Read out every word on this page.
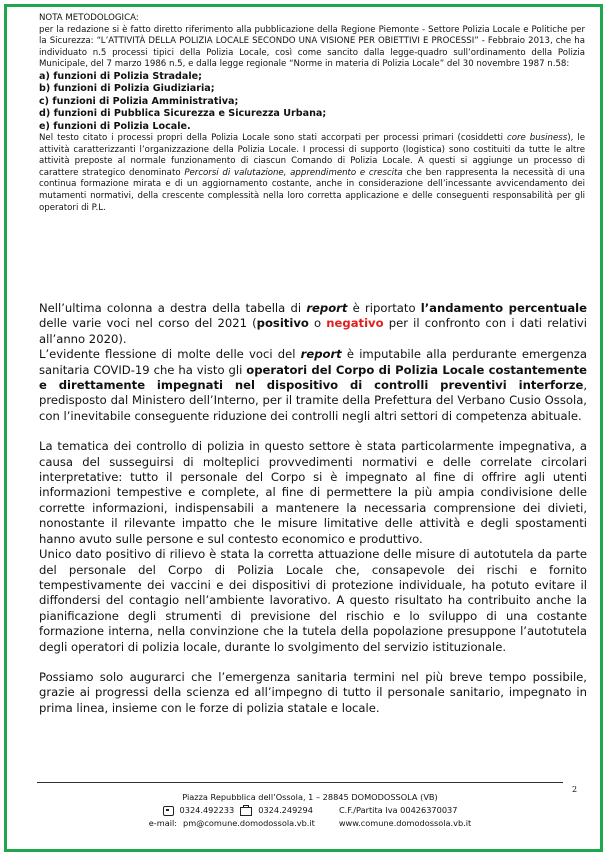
NOTA METODOLOGICA:

per la redazione si è fatto diretto riferimento alla pubblicazione della Regione Piemonte - Settore Polizia Locale e Politiche per la Sicurezza: “L’ATTIVITÀ DELLA POLIZIA LOCALE SECONDO UNA VISIONE PER OBIETTIVI E PROCESSI” - Febbraio 2013, che ha individuato n.5 processi tipici della Polizia Locale, così come sancito dalla legge-quadro sull’ordinamento della Polizia Municipale, del 7 marzo 1986 n.5, e dalla legge regionale “Norme in materia di Polizia Locale” del 30 novembre 1987 n.58:

a) funzioni di Polizia Stradale;

b) funzioni di Polizia Giudiziaria;

c) funzioni di Polizia Amministrativa;

d) funzioni di Pubblica Sicurezza e Sicurezza Urbana;

e) funzioni di Polizia Locale.

Nel testo citato i processi propri della Polizia Locale sono stati accorpati per processi primari (cosiddetti core business), le attività caratterizzanti l’organizzazione della Polizia Locale. I processi di supporto (logistica) sono costituiti da tutte le altre attività preposte al normale funzionamento di ciascun Comando di Polizia Locale. A questi si aggiunge un processo di carattere strategico denominato Percorsi di valutazione, apprendimento e crescita che ben rappresenta la necessità di una continua formazione mirata e di un aggiornamento costante, anche in considerazione dell’incessante avvicendamento dei mutamenti normativi, della crescente complessità nella loro corretta applicazione e delle conseguenti responsabilità per gli operatori di P.L.

Nell’ultima colonna a destra della tabella di report è riportato l’andamento percentuale delle varie voci nel corso del 2021 (positivo o negativo per il confronto con i dati relativi all’anno 2020).

L’evidente flessione di molte delle voci del report è imputabile alla perdurante emergenza sanitaria COVID-19 che ha visto gli operatori del Corpo di Polizia Locale costantemente e direttamente impegnati nel dispositivo di controlli preventivi interforze, predisposto dal Ministero dell’Interno, per il tramite della Prefettura del Verbano Cusio Ossola, con l’inevitabile conseguente riduzione dei controlli negli altri settori di competenza abituale.

La tematica dei controllo di polizia in questo settore è stata particolarmente impegnativa, a causa del susseguirsi di molteplici provvedimenti normativi e delle correlate circolari interpretative: tutto il personale del Corpo si è impegnato al fine di offrire agli utenti informazioni tempestive e complete, al fine di permettere la più ampia condivisione delle corrette informazioni, indispensabili a mantenere la necessaria comprensione dei divieti, nonostante il rilevante impatto che le misure limitative delle attività e degli spostamenti hanno avuto sulle persone e sul contesto economico e produttivo.

Unico dato positivo di rilievo è stata la corretta attuazione delle misure di autotutela da parte del personale del Corpo di Polizia Locale che, consapevole dei rischi e fornito tempestivamente dei vaccini e dei dispositivi di protezione individuale, ha potuto evitare il diffondersi del contagio nell’ambiente lavorativo. A questo risultato ha contribuito anche la pianificazione degli strumenti di previsione del rischio e lo sviluppo di una costante formazione interna, nella convinzione che la tutela della popolazione presuppone l’autotutela degli operatori di polizia locale, durante lo svolgimento del servizio istituzionale.

Possiamo solo augurarci che l’emergenza sanitaria termini nel più breve tempo possibile, grazie ai progressi della scienza ed all’impegno di tutto il personale sanitario, impegnato in prima linea, insieme con le forze di polizia statale e locale.

2
Piazza Repubblica dell’Ossola, 1 – 28845 DOMODOSSOLA (VB)
0324.492233	0324.249294	C.F./Partita Iva 00426370037
e-mail: pm@comune.domodossola.vb.it	www.comune.domodossola.vb.it
